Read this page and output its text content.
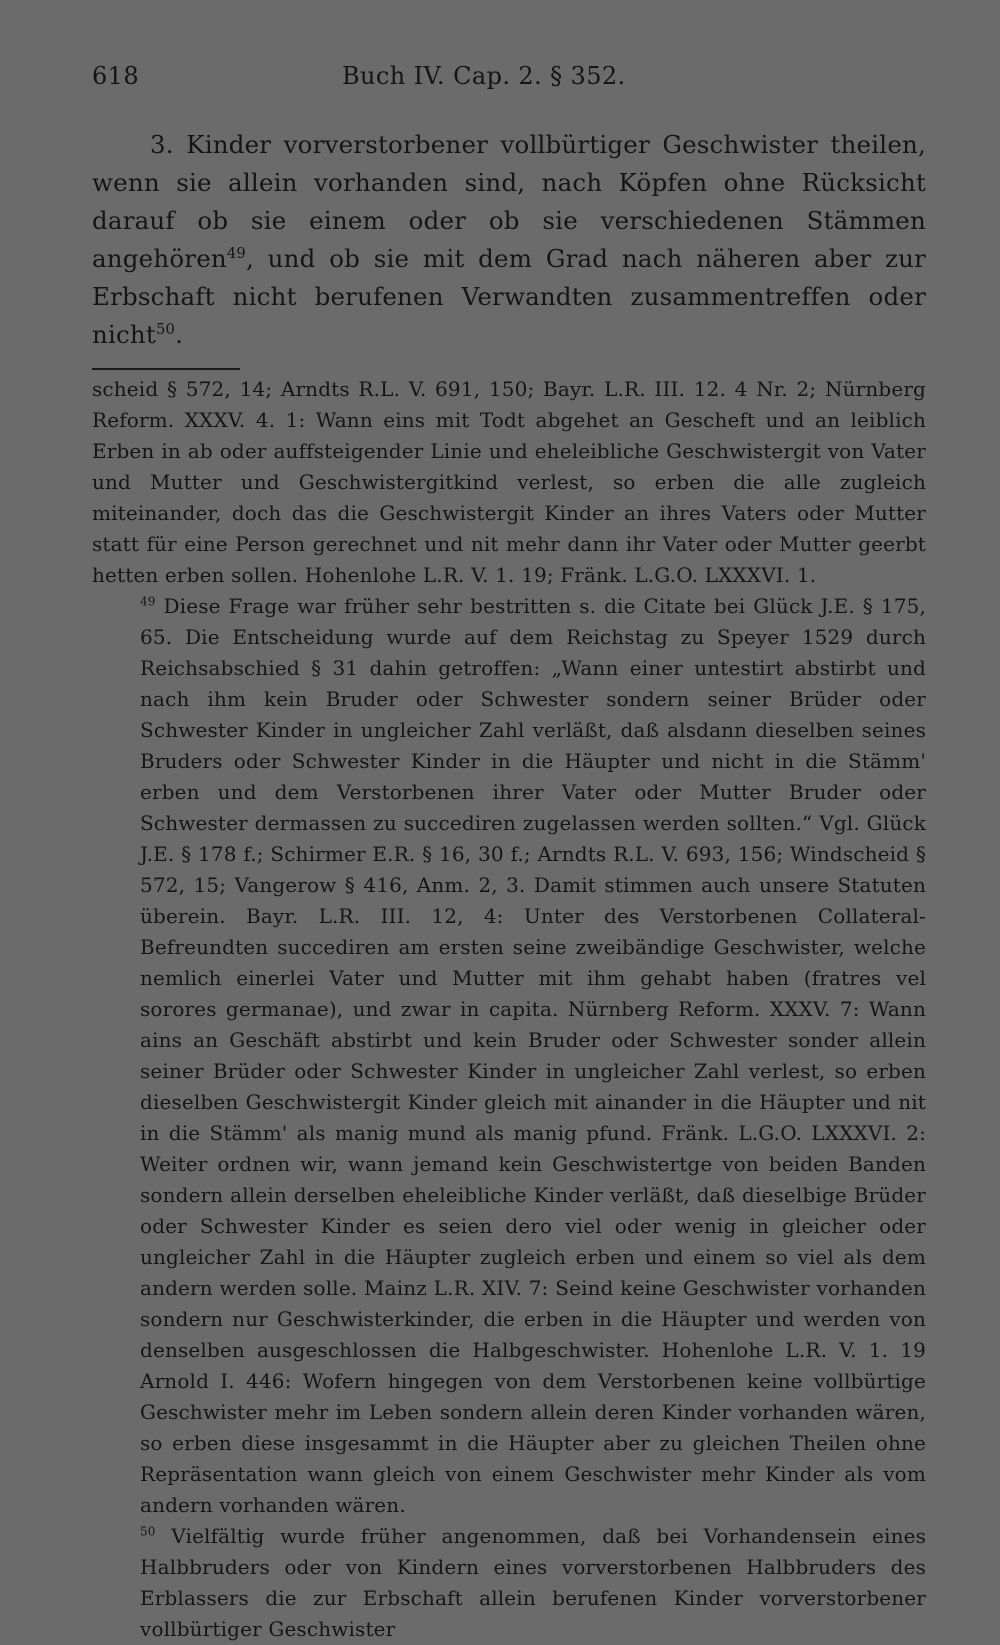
618	Buch IV. Cap. 2. § 352.
3. Kinder vorverstorbener vollbürtiger Geschwister theilen, wenn sie allein vorhanden sind, nach Köpfen ohne Rücksicht darauf ob sie einem oder ob sie verschiedenen Stämmen angehören$^{49}$, und ob sie mit dem Grad nach näheren aber zur Erbschaft nicht berufenen Verwandten zusammentreffen oder nicht$^{50}$.

scheid § 572, 14; Arndts R.L. V. 691, 150; Bayr. L.R. III. 12. 4 Nr. 2; Nürnberg Reform. XXXV. 4. 1: Wann eins mit Todt abgehet an Gescheft und an leiblich Erben in ab oder auffsteigender Linie und eheleibliche Geschwistergit von Vater und Mutter und Geschwistergitkind verlest, so erben die alle zugleich miteinander, doch das die Geschwistergit Kinder an ihres Vaters oder Mutter statt für eine Person gerechnet und nit mehr dann ihr Vater oder Mutter geerbt hetten erben sollen. Hohenlohe L.R. V. 1. 19; Fränk. L.G.O. LXXXVI. 1.

$^{49}$ Diese Frage war früher sehr bestritten s. die Citate bei Glück J.E. § 175, 65. Die Entscheidung wurde auf dem Reichstag zu Speyer 1529 durch Reichsabschied § 31 dahin getroffen: „Wann einer untestirt abstirbt und nach ihm kein Bruder oder Schwester sondern seiner Brüder oder Schwester Kinder in ungleicher Zahl verläßt, daß alsdann dieselben seines Bruders oder Schwester Kinder in die Häupter und nicht in die Stämm' erben und dem Verstorbenen ihrer Vater oder Mutter Bruder oder Schwester dermassen zu succediren zugelassen werden sollten.“ Vgl. Glück J.E. § 178 f.; Schirmer E.R. § 16, 30 f.; Arndts R.L. V. 693, 156; Windscheid § 572, 15; Vangerow § 416, Anm. 2, 3. Damit stimmen auch unsere Statuten überein. Bayr. L.R. III. 12, 4: Unter des Verstorbenen Collateral-Befreundten succediren am ersten seine zweibändige Geschwister, welche nemlich einerlei Vater und Mutter mit ihm gehabt haben (fratres vel sorores germanae), und zwar in capita. Nürnberg Reform. XXXV. 7: Wann ains an Geschäft abstirbt und kein Bruder oder Schwester sonder allein seiner Brüder oder Schwester Kinder in ungleicher Zahl verlest, so erben dieselben Geschwistergit Kinder gleich mit ainander in die Häupter und nit in die Stämm' als manig mund als manig pfund. Fränk. L.G.O. LXXXVI. 2: Weiter ordnen wir, wann jemand kein Geschwistertge von beiden Banden sondern allein derselben eheleibliche Kinder verläßt, daß dieselbige Brüder oder Schwester Kinder es seien dero viel oder wenig in gleicher oder ungleicher Zahl in die Häupter zugleich erben und einem so viel als dem andern werden solle. Mainz L.R. XIV. 7: Seind keine Geschwister vorhanden sondern nur Geschwisterkinder, die erben in die Häupter und werden von denselben ausgeschlossen die Halbgeschwister. Hohenlohe L.R. V. 1. 19 Arnold I. 446: Wofern hingegen von dem Verstorbenen keine vollbürtige Geschwister mehr im Leben sondern allein deren Kinder vorhanden wären, so erben diese insgesammt in die Häupter aber zu gleichen Theilen ohne Repräsentation wann gleich von einem Geschwister mehr Kinder als vom andern vorhanden wären.

$^{50}$ Vielfältig wurde früher angenommen, daß bei Vorhandensein eines Halbbruders oder von Kindern eines vorverstorbenen Halbbruders des Erblassers die zur Erbschaft allein berufenen Kinder vorverstorbener vollbürtiger Geschwister
